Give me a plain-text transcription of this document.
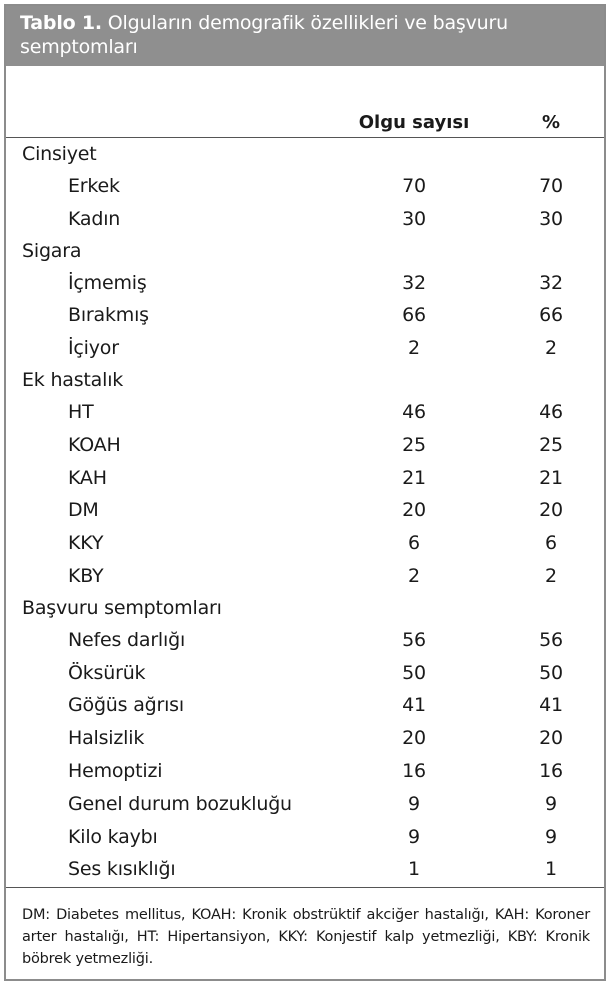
Tablo 1. Olguların demografik özellikleri ve başvuru semptomları
Olgu sayısı	%
Cinsiyet
Erkek	70	70
Kadın	30	30
Sigara
İçmemiş	32	32
Bırakmış	66	66
İçiyor	2	2
Ek hastalık
HT	46	46
KOAH	25	25
KAH	21	21
DM	20	20
KKY	6	6
KBY	2	2
Başvuru semptomları
Nefes darlığı	56	56
Öksürük	50	50
Göğüs ağrısı	41	41
Halsizlik	20	20
Hemoptizi	16	16
Genel durum bozukluğu	9	9
Kilo kaybı	9	9
Ses kısıklığı	1	1
DM: Diabetes mellitus, KOAH: Kronik obstrüktif akciğer hastalığı, KAH: Koroner arter hastalığı, HT: Hipertansiyon, KKY: Konjestif kalp yetmezliği, KBY: Kronik böbrek yetmezliği.
